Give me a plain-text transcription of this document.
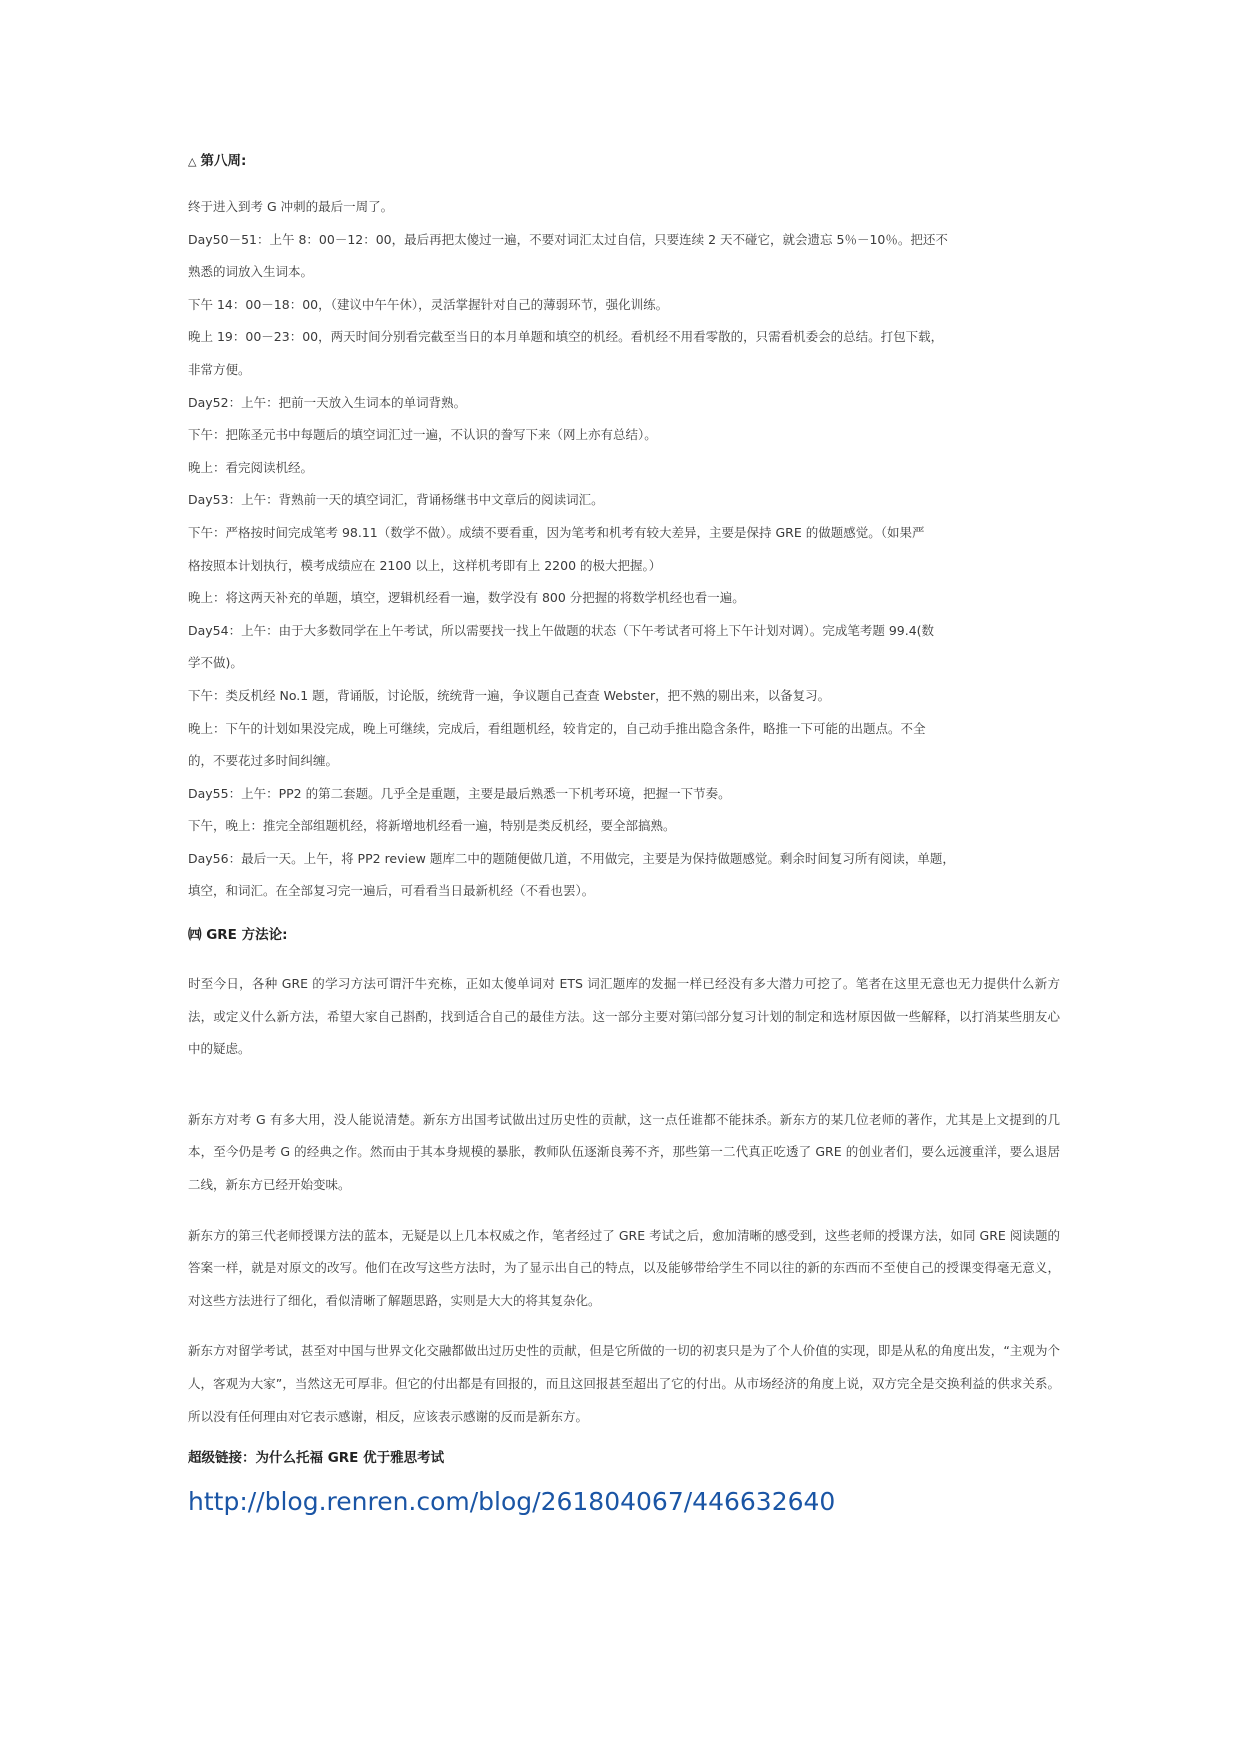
△ 第八周:

终于进入到考 G 冲刺的最后一周了。

Day50－51：上午 8：00－12：00，最后再把太傻过一遍，不要对词汇太过自信，只要连续 2 天不碰它，就会遗忘 5％－10％。把还不

熟悉的词放入生词本。

下午 14：00－18：00，（建议中午午休），灵活掌握针对自己的薄弱环节，强化训练。

晚上 19：00－23：00，两天时间分别看完截至当日的本月单题和填空的机经。看机经不用看零散的，只需看机委会的总结。打包下载，

非常方便。

Day52：上午：把前一天放入生词本的单词背熟。

下午：把陈圣元书中每题后的填空词汇过一遍，不认识的誊写下来（网上亦有总结）。

晚上：看完阅读机经。

Day53：上午：背熟前一天的填空词汇，背诵杨继书中文章后的阅读词汇。

下午：严格按时间完成笔考 98.11（数学不做）。成绩不要看重，因为笔考和机考有较大差异，主要是保持 GRE 的做题感觉。（如果严

格按照本计划执行，模考成绩应在 2100 以上，这样机考即有上 2200 的极大把握。）

晚上：将这两天补充的单题，填空，逻辑机经看一遍，数学没有 800 分把握的将数学机经也看一遍。

Day54：上午：由于大多数同学在上午考试，所以需要找一找上午做题的状态（下午考试者可将上下午计划对调）。完成笔考题 99.4(数

学不做)。

下午：类反机经 No.1 题，背诵版，讨论版，统统背一遍，争议题自己查查 Webster，把不熟的剔出来，以备复习。

晚上：下午的计划如果没完成，晚上可继续，完成后，看组题机经，较肯定的，自己动手推出隐含条件，略推一下可能的出题点。不全

的，不要花过多时间纠缠。

Day55：上午：PP2 的第二套题。几乎全是重题，主要是最后熟悉一下机考环境，把握一下节奏。

下午，晚上：推完全部组题机经，将新增地机经看一遍，特别是类反机经，要全部搞熟。

Day56：最后一天。上午，将 PP2 review 题库二中的题随便做几道，不用做完，主要是为保持做题感觉。剩余时间复习所有阅读，单题，

填空，和词汇。在全部复习完一遍后，可看看当日最新机经（不看也罢）。

㈣ GRE 方法论:

时至今日，各种 GRE 的学习方法可谓汗牛充栋，正如太傻单词对 ETS 词汇题库的发掘一样已经没有多大潜力可挖了。笔者在这里无意也无力提供什么新方法，或定义什么新方法，希望大家自己斟酌，找到适合自己的最佳方法。这一部分主要对第㈢部分复习计划的制定和选材原因做一些解释，以打消某些朋友心中的疑虑。

新东方对考 G 有多大用，没人能说清楚。新东方出国考试做出过历史性的贡献，这一点任谁都不能抹杀。新东方的某几位老师的著作，尤其是上文提到的几本，至今仍是考 G 的经典之作。然而由于其本身规模的暴胀，教师队伍逐渐良莠不齐，那些第一二代真正吃透了 GRE 的创业者们，要么远渡重洋，要么退居二线，新东方已经开始变味。

新东方的第三代老师授课方法的蓝本，无疑是以上几本权威之作，笔者经过了 GRE 考试之后，愈加清晰的感受到，这些老师的授课方法，如同 GRE 阅读题的答案一样，就是对原文的改写。他们在改写这些方法时，为了显示出自己的特点，以及能够带给学生不同以往的新的东西而不至使自己的授课变得毫无意义，对这些方法进行了细化，看似清晰了解题思路，实则是大大的将其复杂化。

新东方对留学考试，甚至对中国与世界文化交融都做出过历史性的贡献，但是它所做的一切的初衷只是为了个人价值的实现，即是从私的角度出发，“主观为个人，客观为大家”，当然这无可厚非。但它的付出都是有回报的，而且这回报甚至超出了它的付出。从市场经济的角度上说，双方完全是交换利益的供求关系。所以没有任何理由对它表示感谢，相反，应该表示感谢的反而是新东方。

超级链接：为什么托福 GRE 优于雅思考试

http://blog.renren.com/blog/261804067/446632640
